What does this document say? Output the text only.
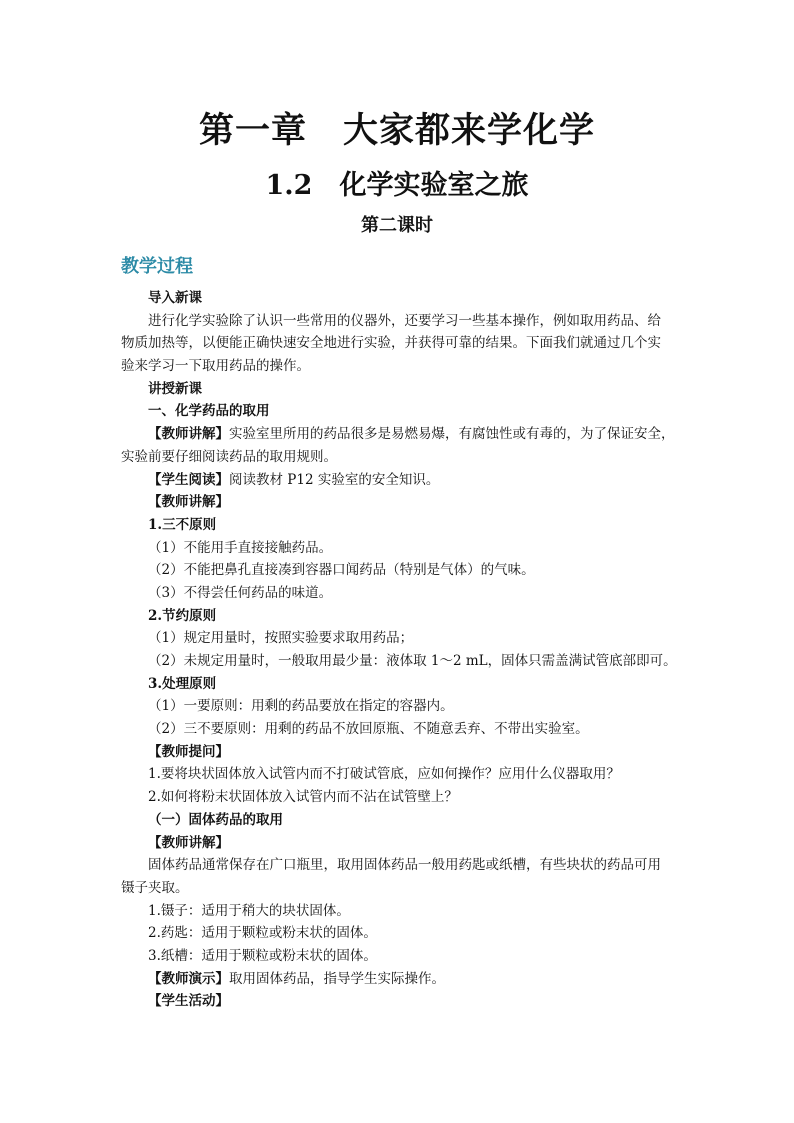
第一章　大家都来学化学
1.2　化学实验室之旅
第二课时
教学过程
导入新课
进行化学实验除了认识一些常用的仪器外，还要学习一些基本操作，例如取用药品、给
物质加热等，以便能正确快速安全地进行实验，并获得可靠的结果。下面我们就通过几个实
验来学习一下取用药品的操作。
讲授新课
一、化学药品的取用
【教师讲解】实验室里所用的药品很多是易燃易爆，有腐蚀性或有毒的，为了保证安全，
实验前要仔细阅读药品的取用规则。
【学生阅读】阅读教材 P12 实验室的安全知识。
【教师讲解】
1.三不原则
（1）不能用手直接接触药品。
（2）不能把鼻孔直接凑到容器口闻药品（特别是气体）的气味。
（3）不得尝任何药品的味道。
2.节约原则
（1）规定用量时，按照实验要求取用药品；
（2）未规定用量时，一般取用最少量：液体取 1～2 mL，固体只需盖满试管底部即可。
3.处理原则
（1）一要原则：用剩的药品要放在指定的容器内。
（2）三不要原则：用剩的药品不放回原瓶、不随意丢弃、不带出实验室。
【教师提问】
1.要将块状固体放入试管内而不打破试管底，应如何操作？应用什么仪器取用？
2.如何将粉末状固体放入试管内而不沾在试管壁上？
（一）固体药品的取用
【教师讲解】
固体药品通常保存在广口瓶里，取用固体药品一般用药匙或纸槽，有些块状的药品可用
镊子夹取。
1.镊子：适用于稍大的块状固体。
2.药匙：适用于颗粒或粉末状的固体。
3.纸槽：适用于颗粒或粉末状的固体。
【教师演示】取用固体药品，指导学生实际操作。
【学生活动】
